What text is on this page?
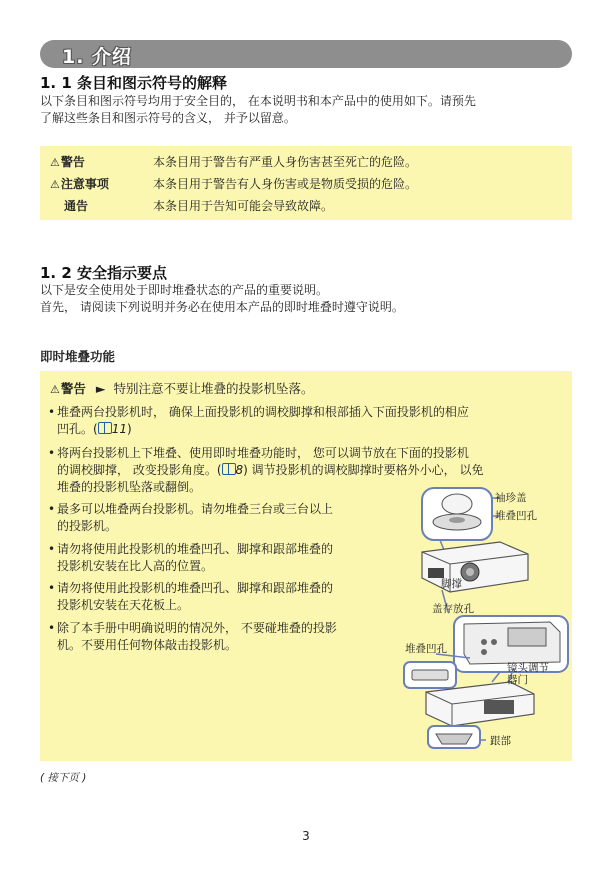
1. 介绍
1. 1 条目和图示符号的解释
以下条目和图示符号均用于安全目的， 在本说明书和本产品中的使用如下。请预先
了解这些条目和图示符号的含义， 并予以留意。
⚠警告	本条目用于警告有严重人身伤害甚至死亡的危险。
⚠注意事项	本条目用于警告有人身伤害或是物质受损的危险。
通告	本条目用于告知可能会导致故障。
1. 2 安全指示要点
以下是安全使用处于即时堆叠状态的产品的重要说明。
首先， 请阅读下列说明并务必在使用本产品的即时堆叠时遵守说明。
即时堆叠功能
⚠警告 ► 特别注意不要让堆叠的投影机坠落。
• 堆叠两台投影机时， 确保上面投影机的调校脚撑和根部插入下面投影机的相应
凹孔。( 11)
• 将两台投影机上下堆叠、使用即时堆叠功能时， 您可以调节放在下面的投影机
的调校脚撑， 改变投影角度。( 8) 调节投影机的调校脚撑时要格外小心， 以免
堆叠的投影机坠落或翻倒。
• 最多可以堆叠两台投影机。请勿堆叠三台或三台以上
的投影机。
• 请勿将使用此投影机的堆叠凹孔、脚撑和跟部堆叠的
投影机安装在比人高的位置。
• 请勿将使用此投影机的堆叠凹孔、脚撑和跟部堆叠的
投影机安装在天花板上。
• 除了本手册中明确说明的情况外， 不要碰堆叠的投影
机。不要用任何物体敲击投影机。
袖珍盖
堆叠凹孔
脚撑
盖存放孔
堆叠凹孔
镜头调节
器门
跟部
( 接下页 )
3
